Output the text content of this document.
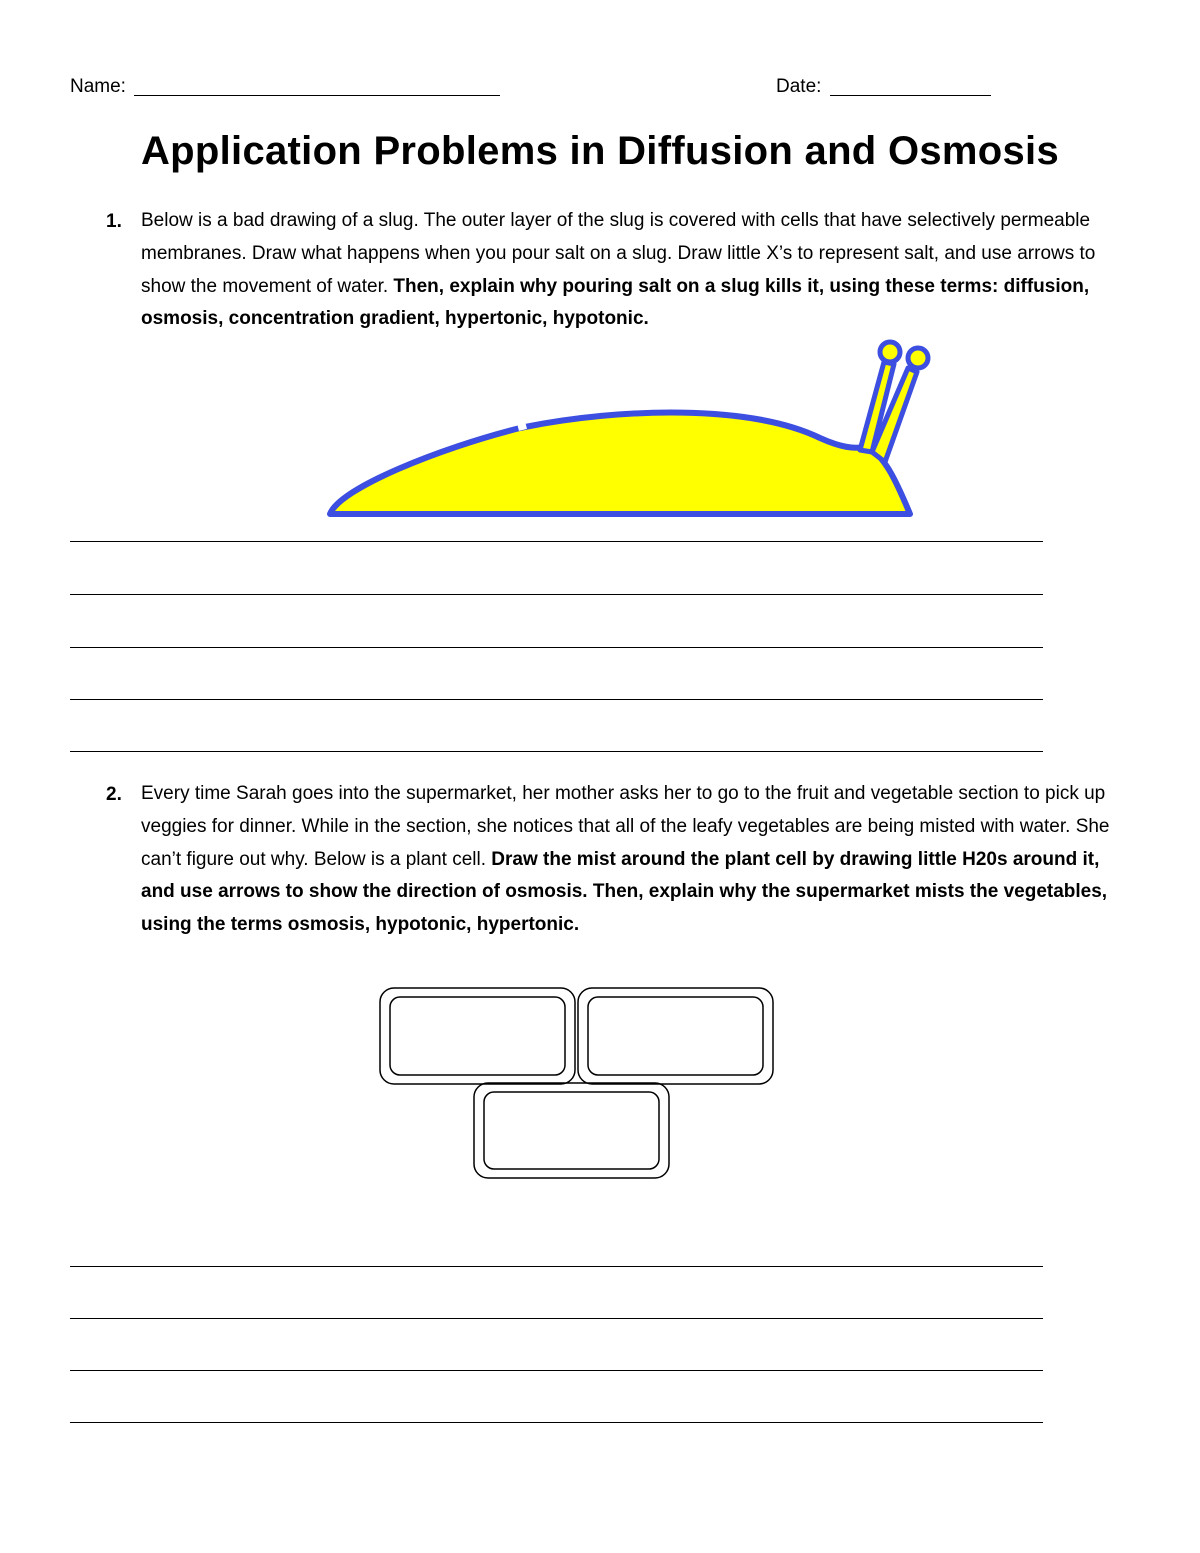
Name:	Date:
Application Problems in Diffusion and Osmosis
1. Below is a bad drawing of a slug. The outer layer of the slug is covered with cells that have selectively permeable membranes. Draw what happens when you pour salt on a slug. Draw little X’s to represent salt, and use arrows to show the movement of water. Then, explain why pouring salt on a slug kills it, using these terms: diffusion, osmosis, concentration gradient, hypertonic, hypotonic.
2. Every time Sarah goes into the supermarket, her mother asks her to go to the fruit and vegetable section to pick up veggies for dinner. While in the section, she notices that all of the leafy vegetables are being misted with water. She can’t figure out why. Below is a plant cell. Draw the mist around the plant cell by drawing little H20s around it, and use arrows to show the direction of osmosis. Then, explain why the supermarket mists the vegetables, using the terms osmosis, hypotonic, hypertonic.
